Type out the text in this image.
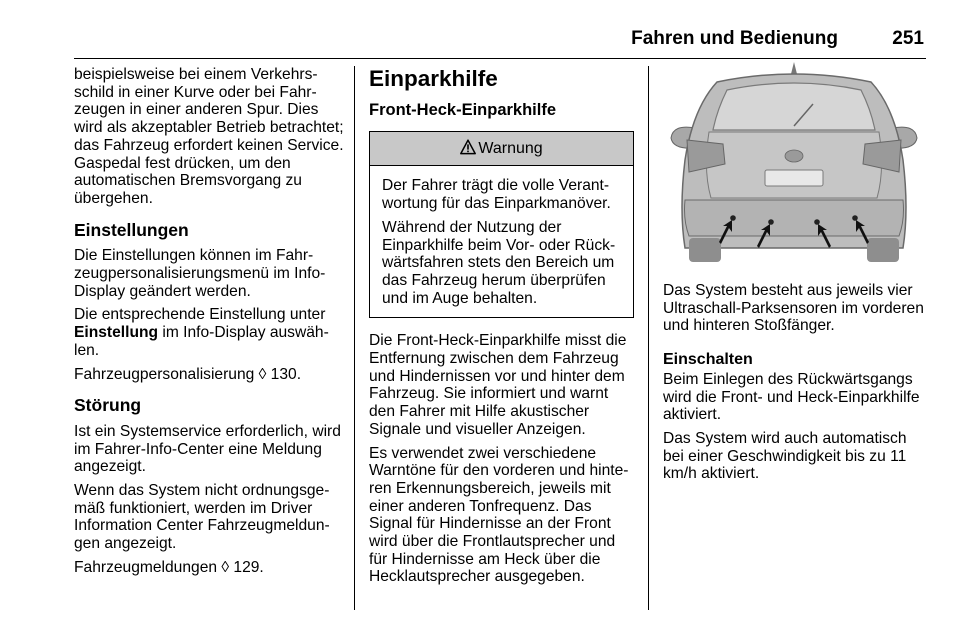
Fahren und Bedienung	251

beispielsweise bei einem Verkehrsschild in einer Kurve oder bei Fahrzeugen in einer anderen Spur. Dies wird als akzeptabler Betrieb betrachtet; das Fahrzeug erfordert keinen Service. Gaspedal fest drücken, um den automatischen Bremsvorgang zu übergehen.

Einstellungen

Die Einstellungen können im Fahrzeugpersonalisierungsmenü im Info-Display geändert werden.

Die entsprechende Einstellung unter Einstellung im Info-Display auswählen.

Fahrzeugpersonalisierung ◊ 130.

Störung

Ist ein Systemservice erforderlich, wird im Fahrer-Info-Center eine Meldung angezeigt.

Wenn das System nicht ordnungsgemäß funktioniert, werden im Driver Information Center Fahrzeugmeldungen angezeigt.

Fahrzeugmeldungen ◊ 129.

Einparkhilfe
Front-Heck-Einparkhilfe
Warnung

Der Fahrer trägt die volle Verantwortung für das Einparkmanöver.

Während der Nutzung der Einparkhilfe beim Vor- oder Rückwärtsfahren stets den Bereich um das Fahrzeug herum überprüfen und im Auge behalten.

Die Front-Heck-Einparkhilfe misst die Entfernung zwischen dem Fahrzeug und Hindernissen vor und hinter dem Fahrzeug. Sie informiert und warnt den Fahrer mit Hilfe akustischer Signale und visueller Anzeigen.

Es verwendet zwei verschiedene Warntöne für den vorderen und hinteren Erkennungsbereich, jeweils mit einer anderen Tonfrequenz. Das Signal für Hindernisse an der Front wird über die Frontlautsprecher und für Hindernisse am Heck über die Hecklautsprecher ausgegeben.

Das System besteht aus jeweils vier Ultraschall-Parksensoren im vorderen und hinteren Stoßfänger.

Einschalten

Beim Einlegen des Rückwärtsgangs wird die Front- und Heck-Einparkhilfe aktiviert.

Das System wird auch automatisch bei einer Geschwindigkeit bis zu 11 km/h aktiviert.
